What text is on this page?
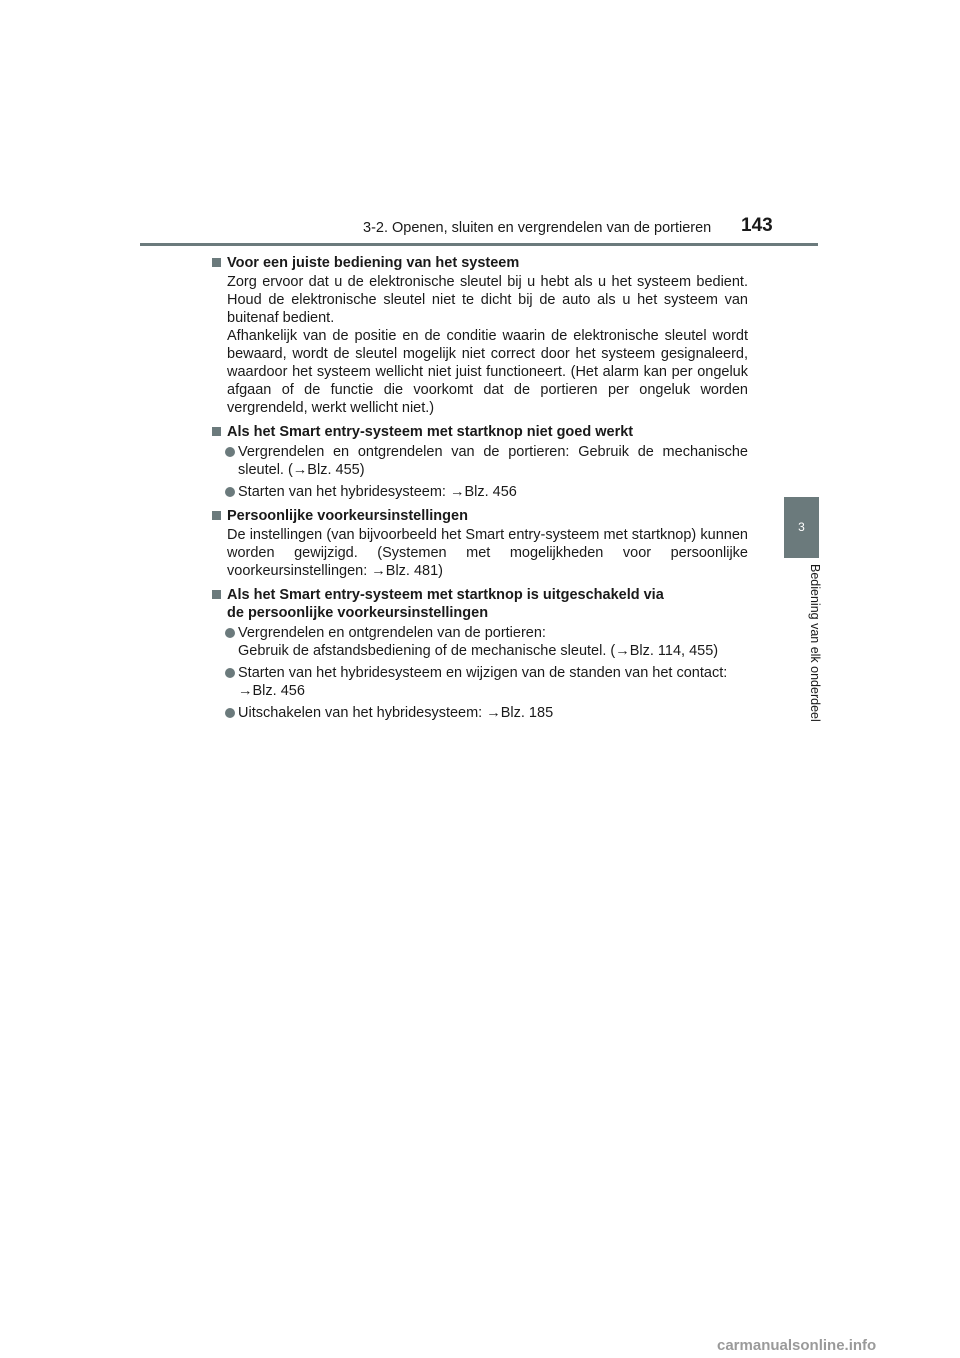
3-2. Openen, sluiten en vergrendelen van de portieren 143
3
Bediening van elk onderdeel
Voor een juiste bediening van het systeem
Zorg ervoor dat u de elektronische sleutel bij u hebt als u het systeem bedient. Houd de elektronische sleutel niet te dicht bij de auto als u het systeem van buitenaf bedient.
Afhankelijk van de positie en de conditie waarin de elektronische sleutel wordt bewaard, wordt de sleutel mogelijk niet correct door het systeem gesignaleerd, waardoor het systeem wellicht niet juist functioneert. (Het alarm kan per ongeluk afgaan of de functie die voorkomt dat de portieren per ongeluk worden vergrendeld, werkt wellicht niet.)
Als het Smart entry-systeem met startknop niet goed werkt
Vergrendelen en ontgrendelen van de portieren: Gebruik de mechanische sleutel. (→Blz. 455)
Starten van het hybridesysteem: →Blz. 456
Persoonlijke voorkeursinstellingen
De instellingen (van bijvoorbeeld het Smart entry-systeem met startknop) kunnen worden gewijzigd. (Systemen met mogelijkheden voor persoonlijke voorkeursinstellingen: →Blz. 481)
Als het Smart entry-systeem met startknop is uitgeschakeld via
de persoonlijke voorkeursinstellingen
Vergrendelen en ontgrendelen van de portieren:
Gebruik de afstandsbediening of de mechanische sleutel. (→Blz. 114, 455)
Starten van het hybridesysteem en wijzigen van de standen van het contact:
→Blz. 456
Uitschakelen van het hybridesysteem: →Blz. 185
carmanualsonline.info
